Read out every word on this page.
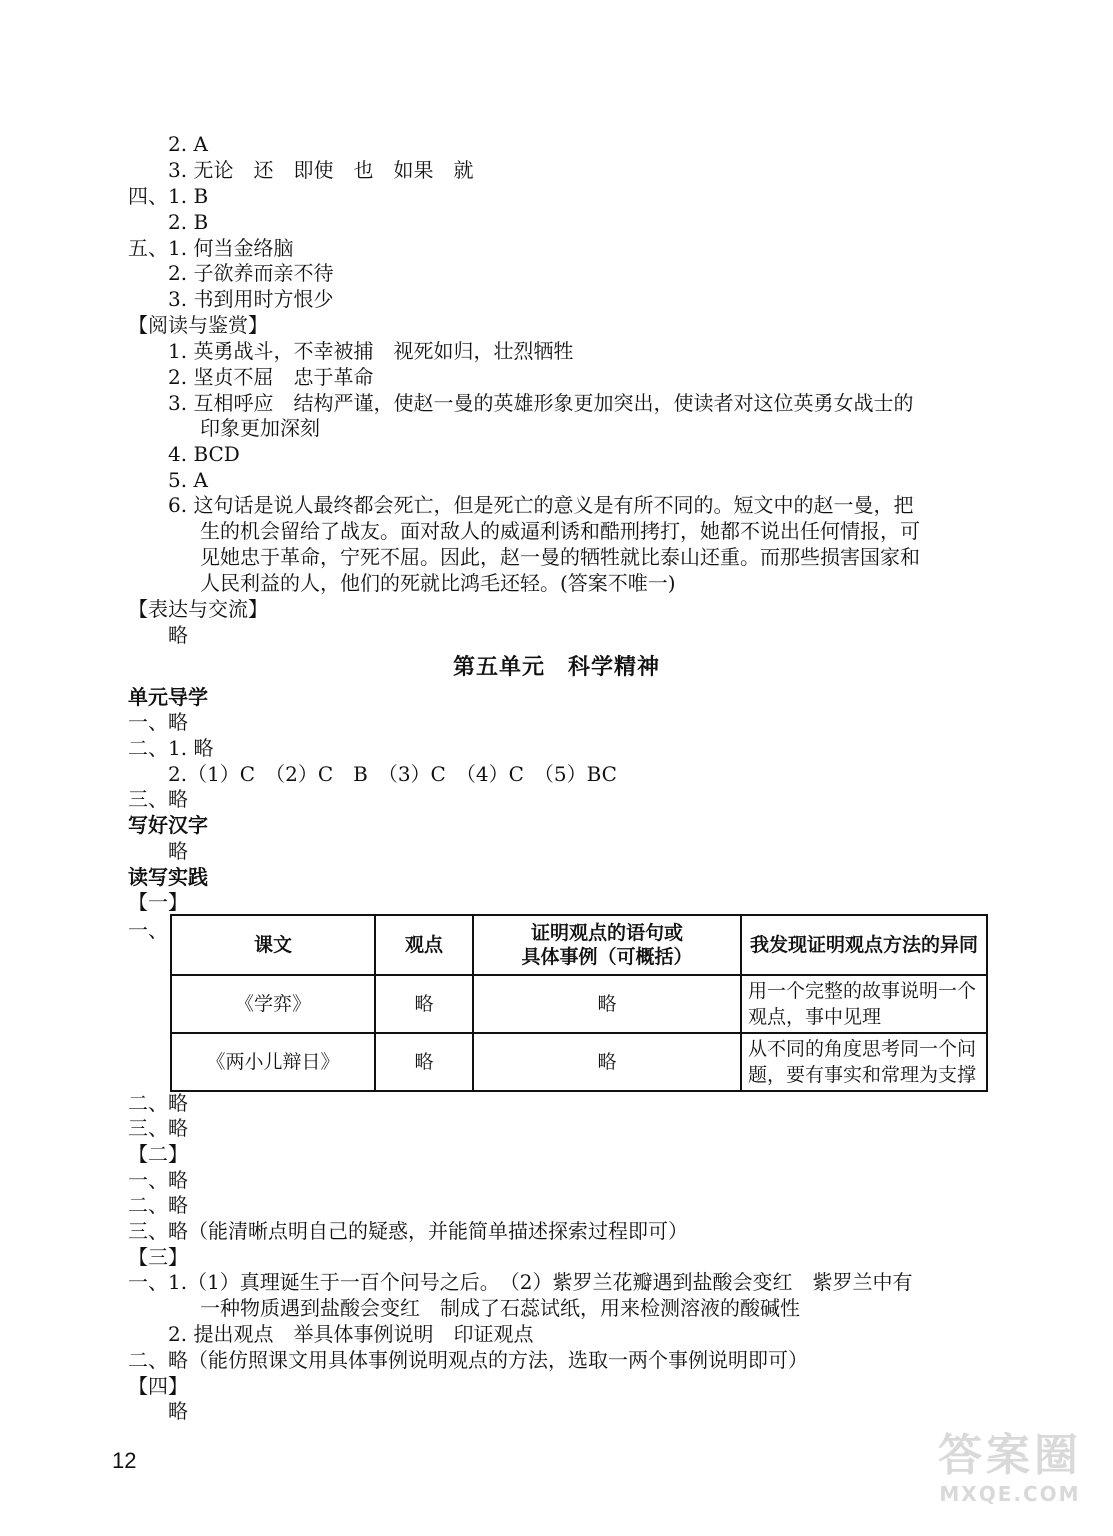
2. A
3. 无论　还　即使　也　如果　就
四、1. B
2. B
五、1. 何当金络脑
2. 子欲养而亲不待
3. 书到用时方恨少
【阅读与鉴赏】
1. 英勇战斗，不幸被捕　视死如归，壮烈牺牲
2. 坚贞不屈　忠于革命
3. 互相呼应　结构严谨，使赵一曼的英雄形象更加突出，使读者对这位英勇女战士的
印象更加深刻
4. BCD
5. A
6. 这句话是说人最终都会死亡，但是死亡的意义是有所不同的。短文中的赵一曼，把
生的机会留给了战友。面对敌人的威逼利诱和酷刑拷打，她都不说出任何情报，可
见她忠于革命，宁死不屈。因此，赵一曼的牺牲就比泰山还重。而那些损害国家和
人民利益的人，他们的死就比鸿毛还轻。(答案不唯一)
【表达与交流】
略
第五单元　科学精神
单元导学
一、略
二、1. 略
2.（1）C　（2）C　B　（3）C　（4）C　（5）BC
三、略
写好汉字
略
读写实践
【一】
一、
课文	观点	证明观点的语句或
具体事例（可概括）	我发现证明观点方法的异同
《学弈》	略	略	用一个完整的故事说明一个
观点，事中见理

《两小儿辩日》	略	略	从不同的角度思考同一个问
题，要有事实和常理为支撑
二、略
三、略
【二】
一、略
二、略
三、略（能清晰点明自己的疑惑，并能简单描述探索过程即可）
【三】
一、1.（1）真理诞生于一百个问号之后。　（2）紫罗兰花瓣遇到盐酸会变红　紫罗兰中有
一种物质遇到盐酸会变红　制成了石蕊试纸，用来检测溶液的酸碱性
2. 提出观点　举具体事例说明　印证观点
二、略（能仿照课文用具体事例说明观点的方法，选取一两个事例说明即可）
【四】
略
12	答案圈
MXQE.COM
